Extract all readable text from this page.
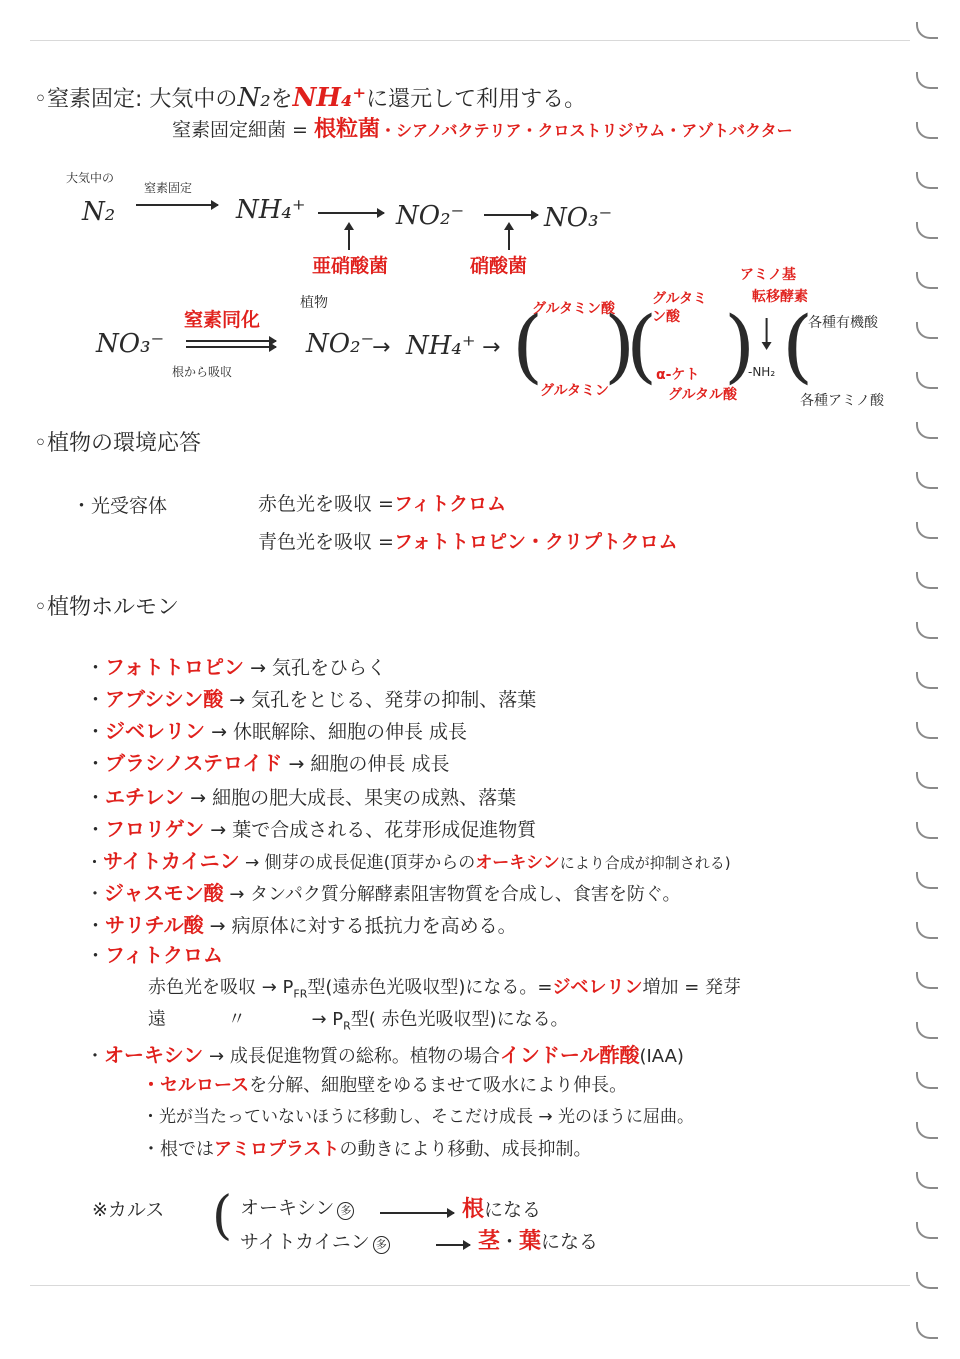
◦窒素固定: 大気中のN₂をNH₄⁺に還元して利用する。
窒素固定細菌 = 根粒菌・シアノバクテリア・クロストリジウム・アゾトバクター
大気中の
N₂
窒素固定
NH₄⁺	NO₂⁻	NO₃⁻
亜硝酸菌	硝酸菌
NO₃⁻
窒素同化
根から吸収
植物
NO₂⁻
→ NH₄⁺ → ( )
( ) (
グルタミン酸
グルタミン
グルタミン酸
α-ケト
グルタル酸
アミノ基
転移酵素
-NH₂
各種有機酸
各種アミノ酸
◦植物の環境応答
・光受容体	赤色光を吸収 =フィトクロム
青色光を吸収 =フォトトロピン・クリプトクロム
◦植物ホルモン
・フォトトロピン → 気孔をひらく
・アブシシン酸 → 気孔をとじる、発芽の抑制、落葉
・ジベレリン → 休眠解除、細胞の伸長 成長
・ブラシノステロイド → 細胞の伸長 成長
・エチレン → 細胞の肥大成長、果実の成熟、落葉
・フロリゲン → 葉で合成される、花芽形成促進物質
・サイトカイニン → 側芽の成長促進(頂芽からのオーキシンにより合成が抑制される)
・ジャスモン酸 → タンパク質分解酵素阻害物質を合成し、食害を防ぐ。
・サリチル酸 → 病原体に対する抵抗力を高める。
・フィトクロム
赤色光を吸収 → $P_{FR}$型(遠赤色光吸収型)になる。=ジベレリン増加 = 発芽
遠	〃	→ $P_R$型( 赤色光吸収型)になる。
・オーキシン → 成長促進物質の総称。植物の場合インドール酢酸(IAA)
・セルロースを分解、細胞壁をゆるませて吸水により伸長。
・光が当たっていないほうに移動し、そこだけ成長 → 光のほうに屈曲。
・根ではアミロプラストの動きにより移動、成長抑制。
※カルス ( オーキシン 多	根になる
サイトカイニン 多	茎・葉になる
